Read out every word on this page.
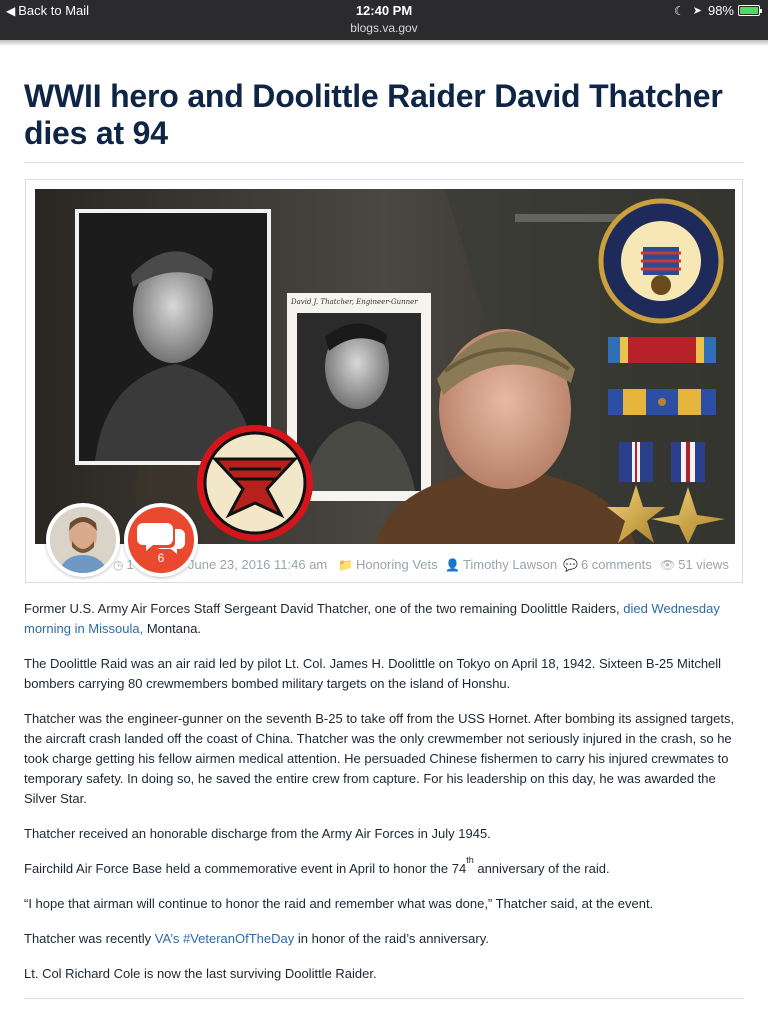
◀ Back to Mail	12:40 PM
blogs.va.gov
☾ ➤ 98%
WWII hero and Doolittle Raider David Thatcher dies at 94
David J. Thatcher, Engineer-Gunner
6
◷ 1	June 23, 2016 11:46 am 📁 Honoring Vets 👤 Timothy Lawson 💬 6 comments 👁 51 views

Former U.S. Army Air Forces Staff Sergeant David Thatcher, one of the two remaining Doolittle Raiders, died Wednesday morning in Missoula, Montana.

The Doolittle Raid was an air raid led by pilot Lt. Col. James H. Doolittle on Tokyo on April 18, 1942. Sixteen B-25 Mitchell bombers carrying 80 crewmembers bombed military targets on the island of Honshu.

Thatcher was the engineer-gunner on the seventh B-25 to take off from the USS Hornet. After bombing its assigned targets, the aircraft crash landed off the coast of China. Thatcher was the only crewmember not seriously injured in the crash, so he took charge getting his fellow airmen medical attention. He persuaded Chinese fishermen to carry his injured crewmates to temporary safety. In doing so, he saved the entire crew from capture. For his leadership on this day, he was awarded the Silver Star.

Thatcher received an honorable discharge from the Army Air Forces in July 1945.

Fairchild Air Force Base held a commemorative event in April to honor the 74th anniversary of the raid.

“I hope that airman will continue to honor the raid and remember what was done,” Thatcher said, at the event.

Thatcher was recently VA’s #VeteranOfTheDay in honor of the raid’s anniversary.

Lt. Col Richard Cole is now the last surviving Doolittle Raider.
